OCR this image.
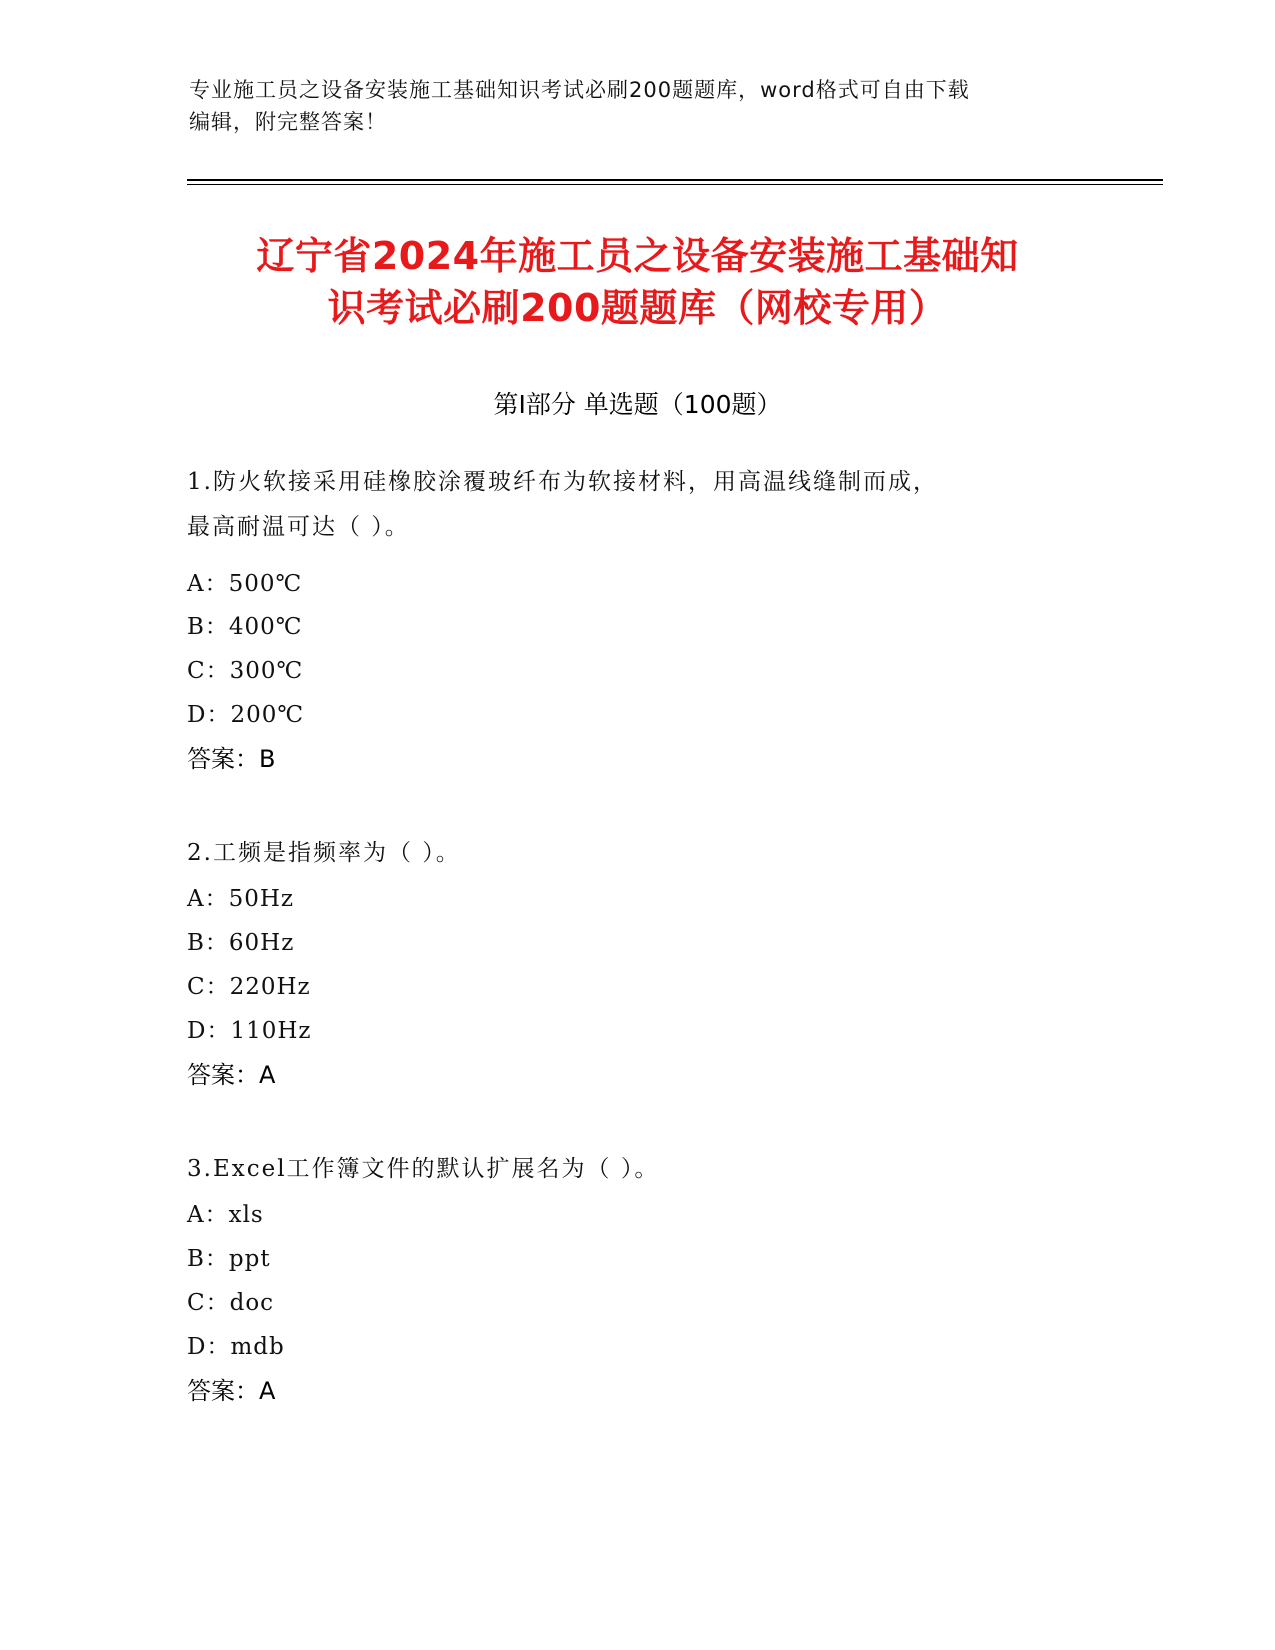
专业施工员之设备安装施工基础知识考试必刷200题题库，word格式可自由下载
编辑，附完整答案！
辽宁省2024年施工员之设备安装施工基础知
识考试必刷200题题库（网校专用）
第Ⅰ部分 单选题（100题）
1.防火软接采用硅橡胶涂覆玻纤布为软接材料，用高温线缝制而成，
最高耐温可达（ ）。
A：500℃
B：400℃
C：300℃
D：200℃
答案：B
2.工频是指频率为（ ）。
A：50Hz
B：60Hz
C：220Hz
D：110Hz
答案：A
3.Excel工作簿文件的默认扩展名为（ ）。
A：xls
B：ppt
C：doc
D：mdb
答案：A
